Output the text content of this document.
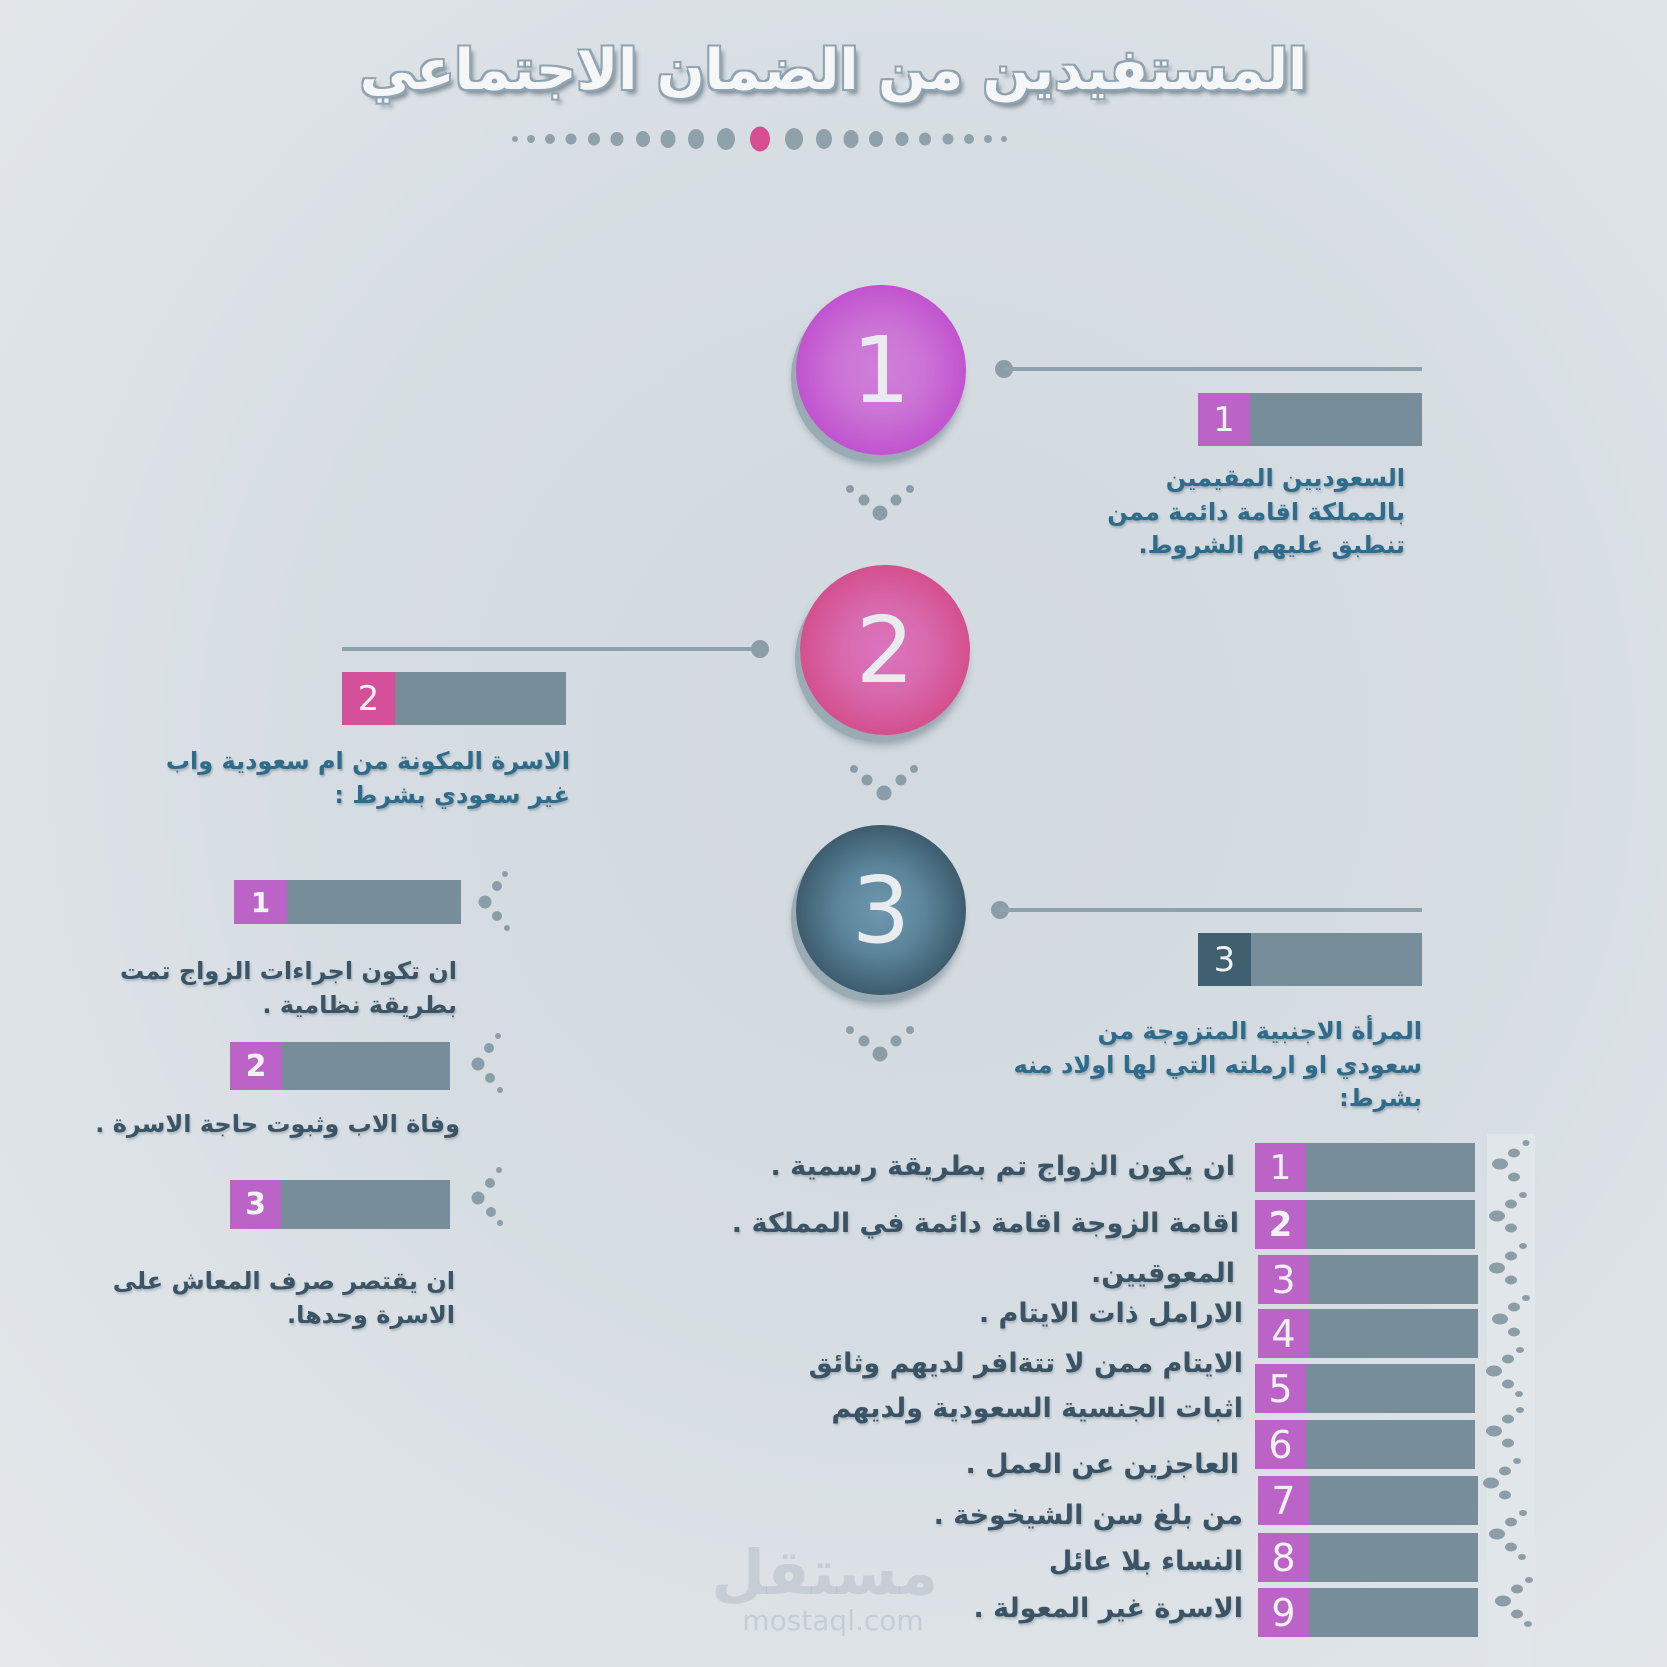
المستفيدين من الضمان الاجتماعي
1	1
السعوديين المقيمين بالمملكة اقامة دائمة ممن تنطبق عليهم الشروط.
2
2
الاسرة المكونة من ام سعودية واب غير سعودي بشرط :
1
ان تكون اجراءات الزواج تمت بطريقة نظامية .
2
وفاة الاب وثبوت حاجة الاسرة .
3
ان يقتصر صرف المعاش على الاسرة وحدها.
3	3
المرأة الاجنبية المتزوجة من سعودي او ارملته التي لها اولاد منه بشرط:
1
ان يكون الزواج تم بطريقة رسمية .
2
اقامة الزوجة اقامة دائمة في المملكة .
3
المعوقيين.
4
الارامل ذات الايتام .
5
الايتام ممن لا تتةافر لديهم وثائق
اثبات الجنسية السعودية ولديهم
6
العاجزين عن العمل .
7
من بلغ سن الشيخوخة .
8
النساء بلا عائل
9
الاسرة غير المعولة .
مستقل
mostaql.com
